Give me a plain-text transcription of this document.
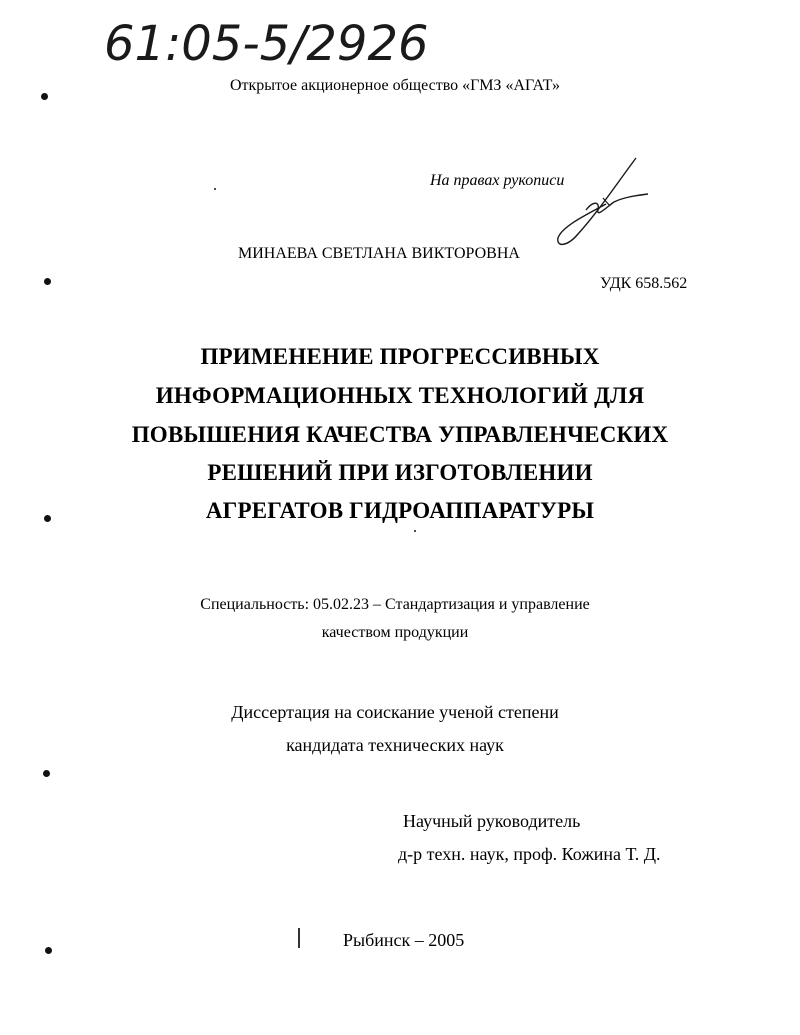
61:05-5/2926
Открытое акционерное общество «ГМЗ «АГАТ»
На правах рукописи
МИНАЕВА СВЕТЛАНА ВИКТОРОВНА
УДК 658.562
ПРИМЕНЕНИЕ ПРОГРЕССИВНЫХ
ИНФОРМАЦИОННЫХ ТЕХНОЛОГИЙ ДЛЯ
ПОВЫШЕНИЯ КАЧЕСТВА УПРАВЛЕНЧЕСКИХ
РЕШЕНИЙ ПРИ ИЗГОТОВЛЕНИИ
АГРЕГАТОВ ГИДРОАППАРАТУРЫ
Специальность: 05.02.23 – Стандартизация и управление
качеством продукции
Диссертация на соискание ученой степени
кандидата технических наук
Научный руководитель
д-р техн. наук, проф. Кожина Т. Д.
Рыбинск – 2005
